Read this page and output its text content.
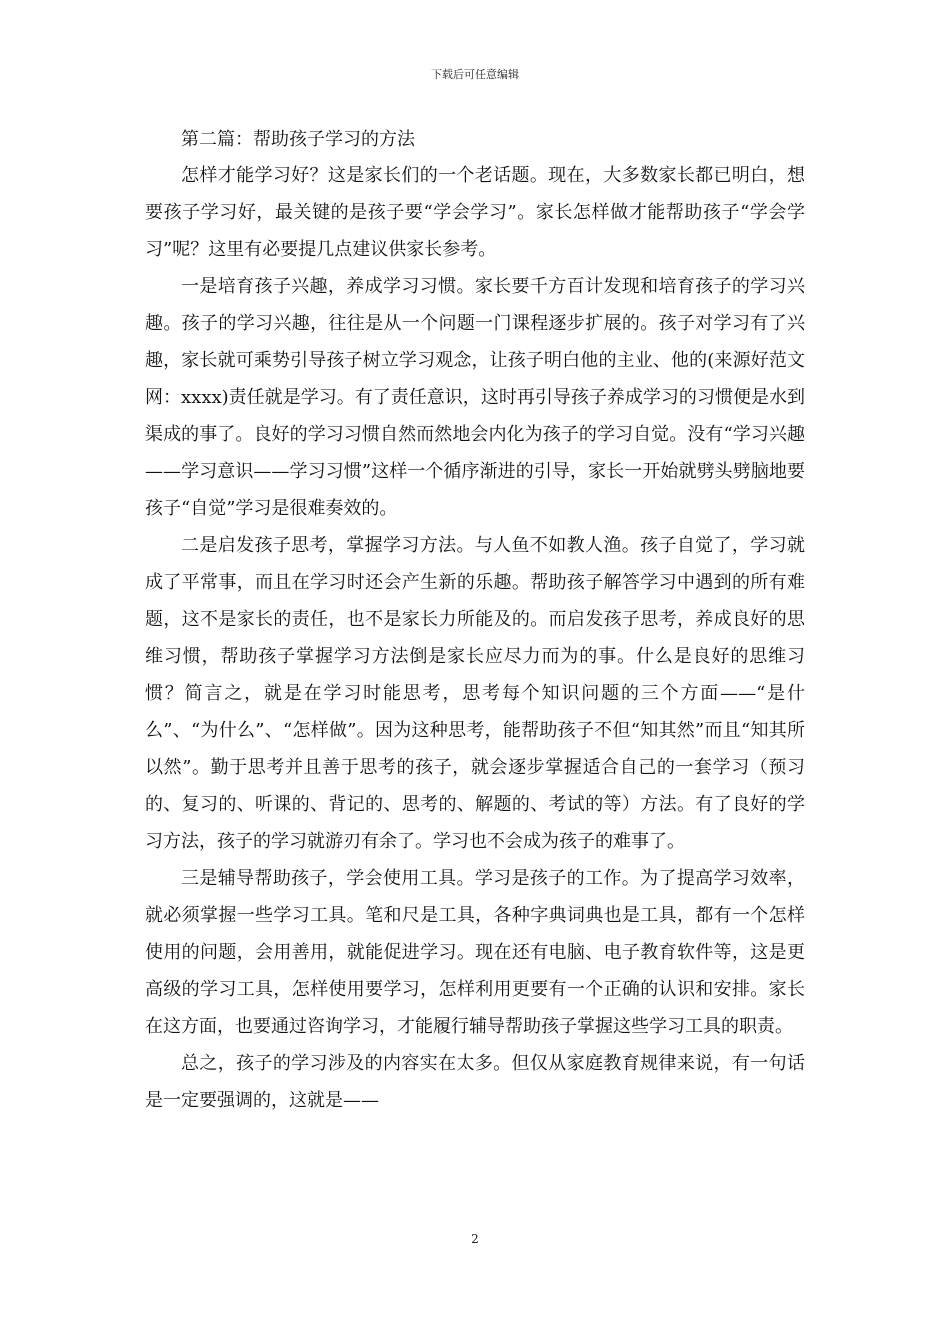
下载后可任意编辑
第二篇：帮助孩子学习的方法

怎样才能学习好？这是家长们的一个老话题。现在，大多数家长都已明白，想要孩子学习好，最关键的是孩子要“学会学习”。家长怎样做才能帮助孩子“学会学习”呢？这里有必要提几点建议供家长参考。

一是培育孩子兴趣，养成学习习惯。家长要千方百计发现和培育孩子的学习兴趣。孩子的学习兴趣，往往是从一个问题一门课程逐步扩展的。孩子对学习有了兴趣，家长就可乘势引导孩子树立学习观念，让孩子明白他的主业、他的(来源好范文网：xxxx)责任就是学习。有了责任意识，这时再引导孩子养成学习的习惯便是水到渠成的事了。良好的学习习惯自然而然地会内化为孩子的学习自觉。没有“学习兴趣——学习意识——学习习惯”这样一个循序渐进的引导，家长一开始就劈头劈脑地要孩子“自觉”学习是很难奏效的。

二是启发孩子思考，掌握学习方法。与人鱼不如教人渔。孩子自觉了，学习就成了平常事，而且在学习时还会产生新的乐趣。帮助孩子解答学习中遇到的所有难题，这不是家长的责任，也不是家长力所能及的。而启发孩子思考，养成良好的思维习惯，帮助孩子掌握学习方法倒是家长应尽力而为的事。什么是良好的思维习惯？简言之，就是在学习时能思考，思考每个知识问题的三个方面——“是什么”、“为什么”、“怎样做”。因为这种思考，能帮助孩子不但“知其然”而且“知其所以然”。勤于思考并且善于思考的孩子，就会逐步掌握适合自己的一套学习（预习的、复习的、听课的、背记的、思考的、解题的、考试的等）方法。有了良好的学习方法，孩子的学习就游刃有余了。学习也不会成为孩子的难事了。

三是辅导帮助孩子，学会使用工具。学习是孩子的工作。为了提高学习效率，就必须掌握一些学习工具。笔和尺是工具，各种字典词典也是工具，都有一个怎样使用的问题，会用善用，就能促进学习。现在还有电脑、电子教育软件等，这是更高级的学习工具，怎样使用要学习，怎样利用更要有一个正确的认识和安排。家长在这方面，也要通过咨询学习，才能履行辅导帮助孩子掌握这些学习工具的职责。

总之，孩子的学习涉及的内容实在太多。但仅从家庭教育规律来说，有一句话是一定要强调的，这就是——

2
